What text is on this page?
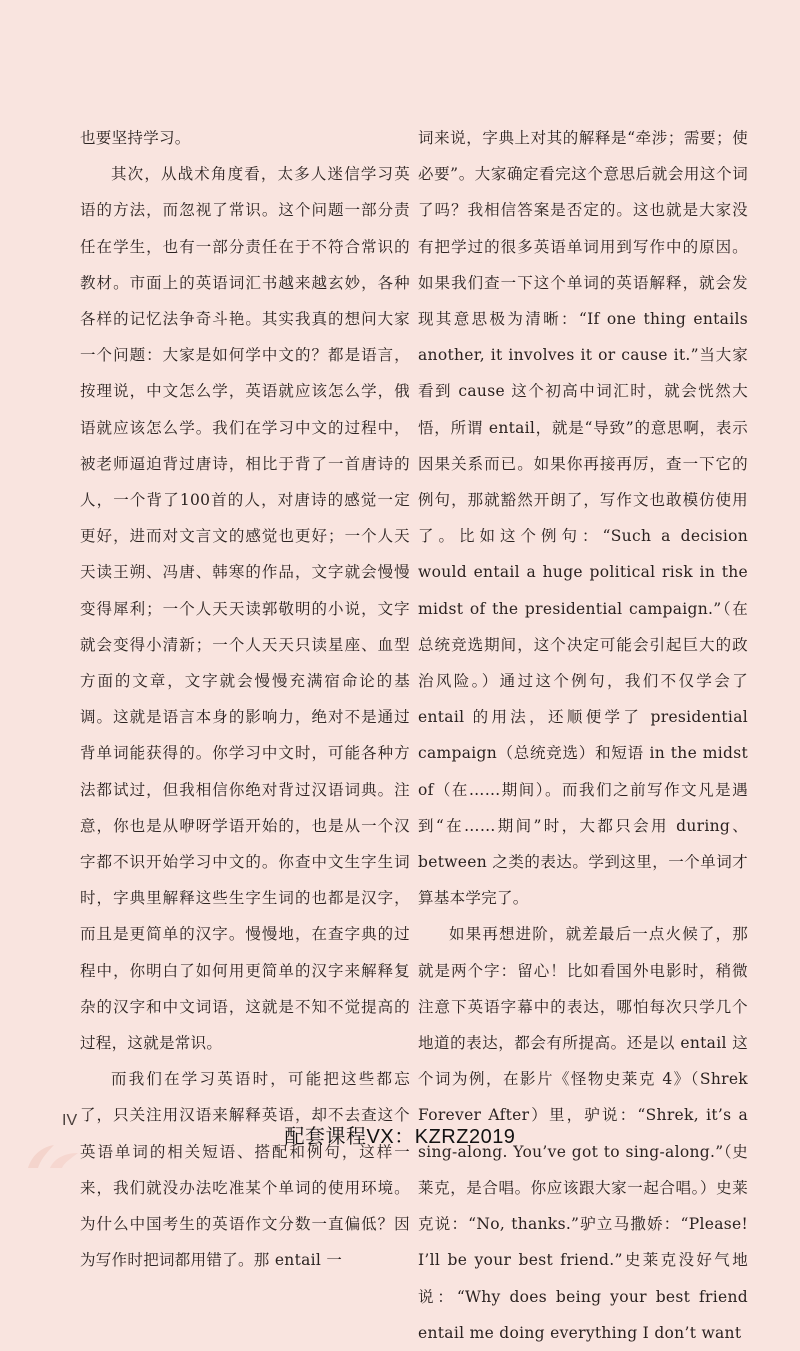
也要坚持学习。

其次，从战术角度看，太多人迷信学习英语的方法，而忽视了常识。这个问题一部分责任在学生，也有一部分责任在于不符合常识的教材。市面上的英语词汇书越来越玄妙，各种各样的记忆法争奇斗艳。其实我真的想问大家一个问题：大家是如何学中文的？都是语言，按理说，中文怎么学，英语就应该怎么学，俄语就应该怎么学。我们在学习中文的过程中，被老师逼迫背过唐诗，相比于背了一首唐诗的人，一个背了100首的人，对唐诗的感觉一定更好，进而对文言文的感觉也更好；一个人天天读王朔、冯唐、韩寒的作品，文字就会慢慢变得犀利；一个人天天读郭敬明的小说，文字就会变得小清新；一个人天天只读星座、血型方面的文章，文字就会慢慢充满宿命论的基调。这就是语言本身的影响力，绝对不是通过背单词能获得的。你学习中文时，可能各种方法都试过，但我相信你绝对背过汉语词典。注意，你也是从咿呀学语开始的，也是从一个汉字都不识开始学习中文的。你查中文生字生词时，字典里解释这些生字生词的也都是汉字，而且是更简单的汉字。慢慢地，在查字典的过程中，你明白了如何用更简单的汉字来解释复杂的汉字和中文词语，这就是不知不觉提高的过程，这就是常识。

而我们在学习英语时，可能把这些都忘了，只关注用汉语来解释英语，却不去查这个英语单词的相关短语、搭配和例句，这样一来，我们就没办法吃准某个单词的使用环境。为什么中国考生的英语作文分数一直偏低？因为写作时把词都用错了。那 entail 一

词来说，字典上对其的解释是“牵涉；需要；使必要”。大家确定看完这个意思后就会用这个词了吗？我相信答案是否定的。这也就是大家没有把学过的很多英语单词用到写作中的原因。如果我们查一下这个单词的英语解释，就会发现其意思极为清晰：“If one thing entails another, it involves it or cause it.”当大家看到 cause 这个初高中词汇时，就会恍然大悟，所谓 entail，就是“导致”的意思啊，表示因果关系而已。如果你再接再厉，查一下它的例句，那就豁然开朗了，写作文也敢模仿使用了。比如这个例句：“Such a decision would entail a huge political risk in the midst of the presidential campaign.”（在总统竞选期间，这个决定可能会引起巨大的政治风险。）通过这个例句，我们不仅学会了 entail 的用法，还顺便学了 presidential campaign（总统竞选）和短语 in the midst of（在……期间）。而我们之前写作文凡是遇到“在……期间”时，大都只会用 during、between 之类的表达。学到这里，一个单词才算基本学完了。

如果再想进阶，就差最后一点火候了，那就是两个字：留心！比如看国外电影时，稍微注意下英语字幕中的表达，哪怕每次只学几个地道的表达，都会有所提高。还是以 entail 这个词为例，在影片《怪物史莱克 4》（Shrek Forever After）里，驴说：“Shrek, it’s a sing-along. You’ve got to sing-along.”（史莱克，是合唱。你应该跟大家一起合唱。）史莱克说：“No, thanks.”驴立马撒娇：“Please! I’ll be your best friend.”史莱克没好气地说：“Why does being your best friend entail me doing everything I don’t want

IV
配套课程VX：KZRZ2019
